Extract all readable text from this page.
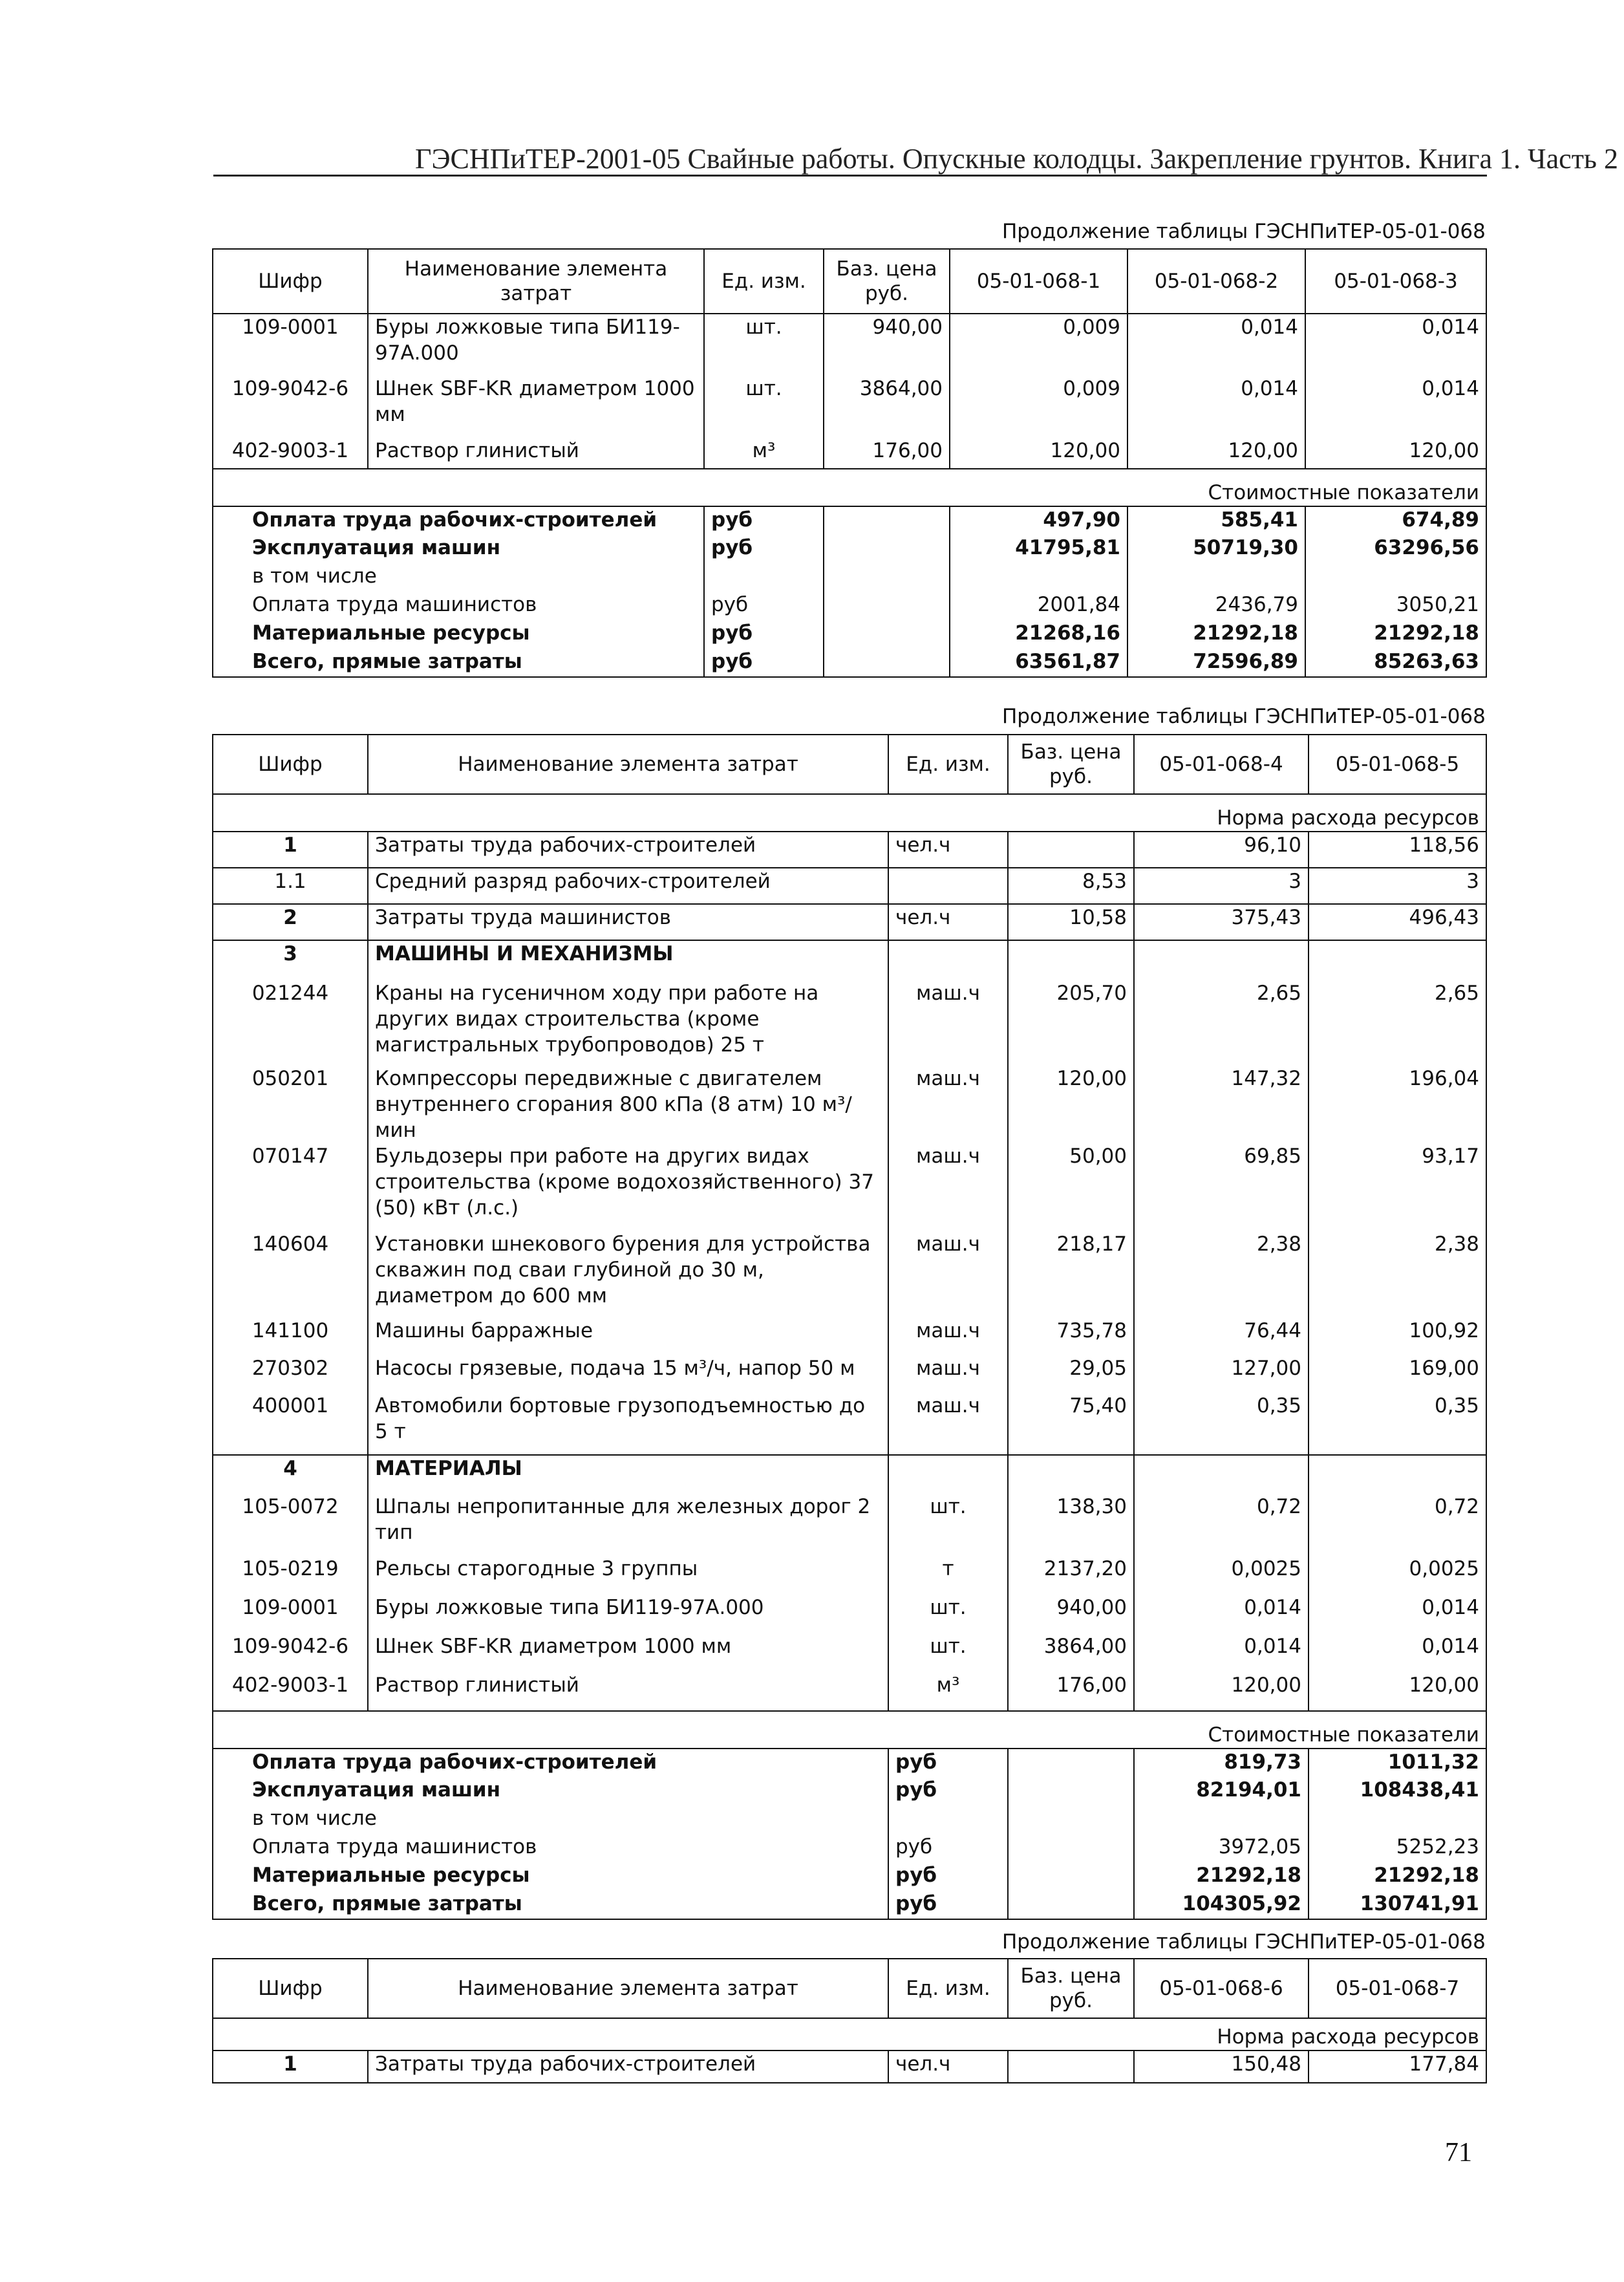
ГЭСНПиТЕР-2001-05 Свайные работы. Опускные колодцы. Закрепление грунтов. Книга 1. Часть 2
Продолжение таблицы ГЭСНПиТЕР-05-01-068
Шифр	Наименование элемента затрат	Ед. изм.	Баз. цена руб.	05-01-068-1	05-01-068-2	05-01-068-3
109-0001	Буры ложковые типа БИ119-97А.000	шт.	940,00	0,009	0,014	0,014
109-9042-6	Шнек SBF-KR диаметром 1000 мм	шт.	3864,00	0,009	0,014	0,014
402-9003-1	Раствор глинистый	м³	176,00	120,00	120,00	120,00
Стоимостные показатели						
Оплата труда рабочих-строителей		руб		497,90	585,41	674,89
Эксплуатация машин		руб		41795,81	50719,30	63296,56
в том числе						
Оплата труда машинистов		руб		2001,84	2436,79	3050,21
Материальные ресурсы		руб		21268,16	21292,18	21292,18
Всего, прямые затраты		руб		63561,87	72596,89	85263,63
Продолжение таблицы ГЭСНПиТЕР-05-01-068
Шифр	Наименование элемента затрат	Ед. изм.	Баз. цена руб.	05-01-068-4	05-01-068-5
Норма расхода ресурсов					
1	Затраты труда рабочих-строителей	чел.ч		96,10	118,56
1.1	Средний разряд рабочих-строителей		8,53	3	3
2	Затраты труда машинистов	чел.ч	10,58	375,43	496,43
3	МАШИНЫ И МЕХАНИЗМЫ				
021244	Краны на гусеничном ходу при работе на других видах строительства (кроме магистральных трубопроводов) 25 т	маш.ч	205,70	2,65	2,65
050201	Компрессоры передвижные с двигателем внутреннего сгорания 800 кПа (8 атм) 10 м³/мин	маш.ч	120,00	147,32	196,04
070147	Бульдозеры при работе на других видах строительства (кроме водохозяйственного) 37 (50) кВт (л.с.)	маш.ч	50,00	69,85	93,17
140604	Установки шнекового бурения для устройства скважин под сваи глубиной до 30 м, диаметром до 600 мм	маш.ч	218,17	2,38	2,38
141100	Машины барражные	маш.ч	735,78	76,44	100,92
270302	Насосы грязевые, подача 15 м³/ч, напор 50 м	маш.ч	29,05	127,00	169,00
400001	Автомобили бортовые грузоподъемностью до 5 т	маш.ч	75,40	0,35	0,35
4	МАТЕРИАЛЫ				
105-0072	Шпалы непропитанные для железных дорог 2 тип	шт.	138,30	0,72	0,72
105-0219	Рельсы старогодные 3 группы	т	2137,20	0,0025	0,0025
109-0001	Буры ложковые типа БИ119-97А.000	шт.	940,00	0,014	0,014
109-9042-6	Шнек SBF-KR диаметром 1000 мм	шт.	3864,00	0,014	0,014
402-9003-1	Раствор глинистый	м³	176,00	120,00	120,00
Стоимостные показатели					
Оплата труда рабочих-строителей		руб		819,73	1011,32
Эксплуатация машин		руб		82194,01	108438,41
в том числе					
Оплата труда машинистов		руб		3972,05	5252,23
Материальные ресурсы		руб		21292,18	21292,18
Всего, прямые затраты		руб		104305,92	130741,91
Продолжение таблицы ГЭСНПиТЕР-05-01-068
Шифр	Наименование элемента затрат	Ед. изм.	Баз. цена руб.	05-01-068-6	05-01-068-7
Норма расхода ресурсов					
1	Затраты труда рабочих-строителей	чел.ч		150,48	177,84
71
